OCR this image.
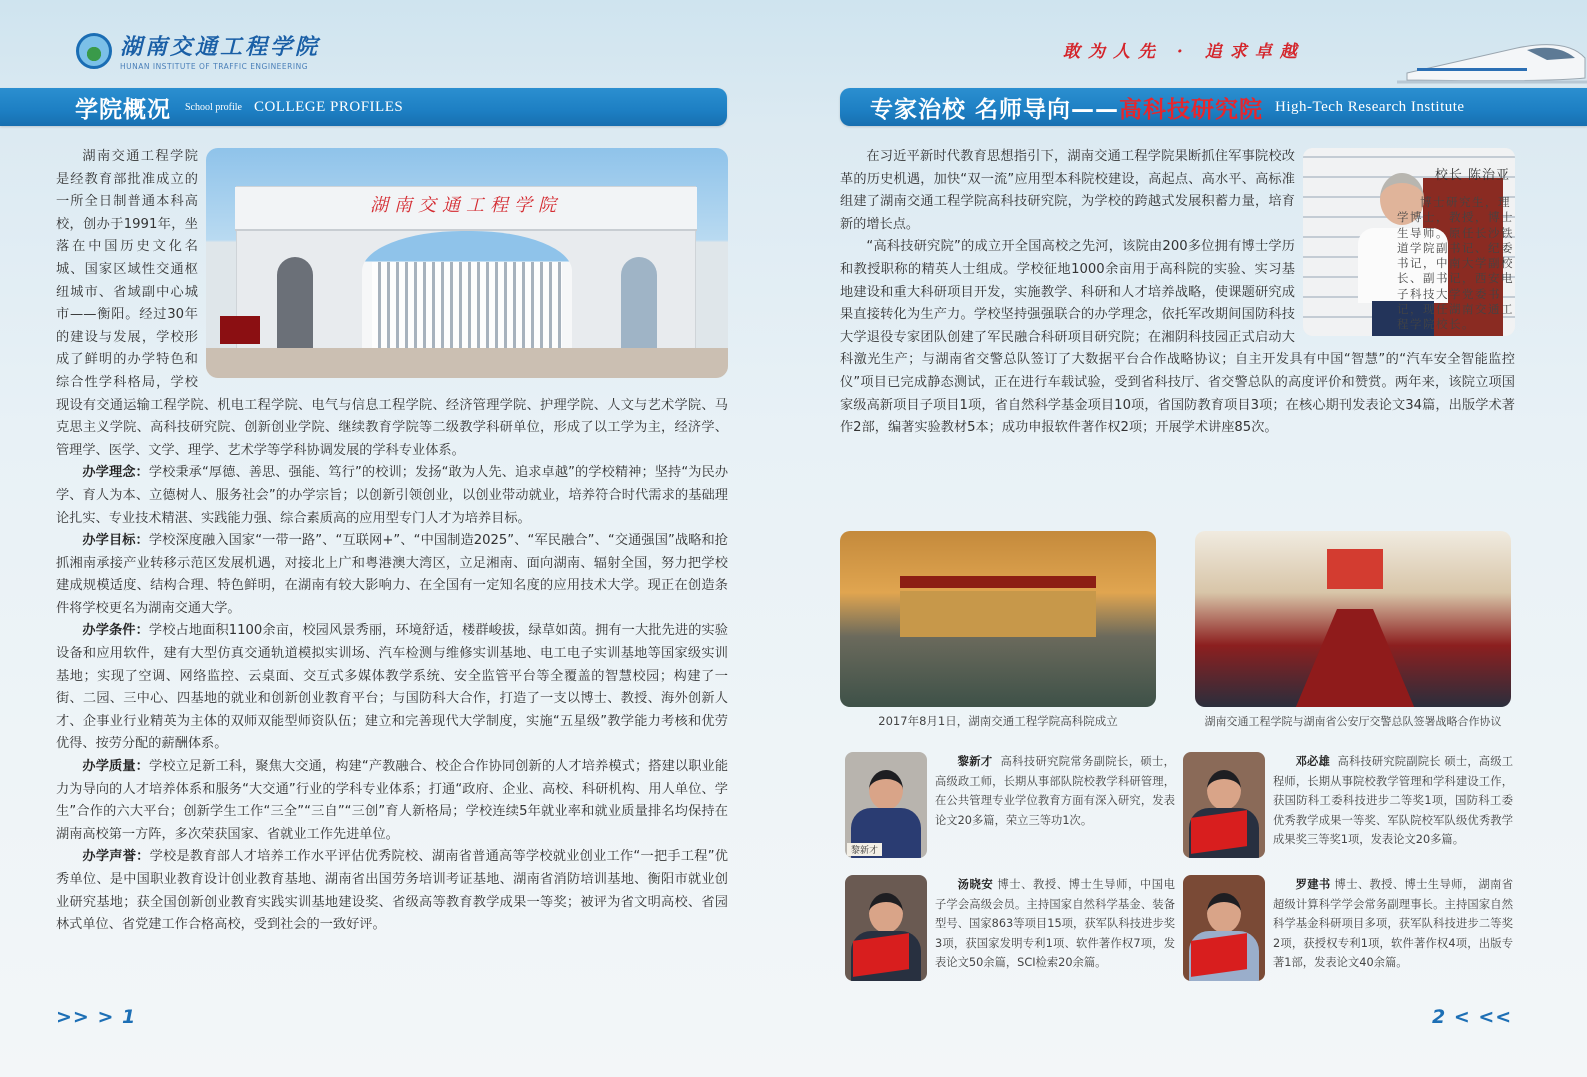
湖南交通工程学院
HUNAN INSTITUTE OF TRAFFIC ENGINEERING
学院概况 School profile COLLEGE PROFILES
湖南交通工程学院

湖南交通工程学院是经教育部批准成立的一所全日制普通本科高校，创办于1991年，坐落在中国历史文化名城、国家区域性交通枢纽城市、省域副中心城市——衡阳。经过30年的建设与发展，学校形成了鲜明的办学特色和综合性学科格局，学校现设有交通运输工程学院、机电工程学院、电气与信息工程学院、经济管理学院、护理学院、人文与艺术学院、马克思主义学院、高科技研究院、创新创业学院、继续教育学院等二级教学科研单位，形成了以工学为主，经济学、管理学、医学、文学、理学、艺术学等学科协调发展的学科专业体系。

办学理念：学校秉承“厚德、善思、强能、笃行”的校训；发扬“敢为人先、追求卓越”的学校精神；坚持“为民办学、育人为本、立德树人、服务社会”的办学宗旨；以创新引领创业，以创业带动就业，培养符合时代需求的基础理论扎实、专业技术精湛、实践能力强、综合素质高的应用型专门人才为培养目标。

办学目标：学校深度融入国家“一带一路”、“互联网+”、“中国制造2025”、“军民融合”、“交通强国”战略和抢抓湘南承接产业转移示范区发展机遇，对接北上广和粤港澳大湾区，立足湘南、面向湖南、辐射全国，努力把学校建成规模适度、结构合理、特色鲜明，在湖南有较大影响力、在全国有一定知名度的应用技术大学。现正在创造条件将学校更名为湖南交通大学。

办学条件：学校占地面积1100余亩，校园风景秀丽，环境舒适，楼群峻拔，绿草如茵。拥有一大批先进的实验设备和应用软件，建有大型仿真交通轨道模拟实训场、汽车检测与维修实训基地、电工电子实训基地等国家级实训基地；实现了空调、网络监控、云桌面、交互式多媒体教学系统、安全监管平台等全覆盖的智慧校园；构建了一街、二园、三中心、四基地的就业和创新创业教育平台；与国防科大合作，打造了一支以博士、教授、海外创新人才、企事业行业精英为主体的双师双能型师资队伍；建立和完善现代大学制度，实施“五星级”教学能力考核和优劳优得、按劳分配的薪酬体系。

办学质量：学校立足新工科，聚焦大交通，构建“产教融合、校企合作协同创新的人才培养模式；搭建以职业能力为导向的人才培养体系和服务“大交通”行业的学科专业体系；打通“政府、企业、高校、科研机构、用人单位、学生”合作的六大平台；创新学生工作“三全”“三自”“三创”育人新格局；学校连续5年就业率和就业质量排名均保持在湖南高校第一方阵，多次荣获国家、省就业工作先进单位。

办学声誉：学校是教育部人才培养工作水平评估优秀院校、湖南省普通高等学校就业创业工作“一把手工程”优秀单位、是中国职业教育设计创业教育基地、湖南省出国劳务培训考证基地、湖南省消防培训基地、衡阳市就业创业研究基地；获全国创新创业教育实践实训基地建设奖、省级高等教育教学成果一等奖；被评为省文明高校、省园林式单位、省党建工作合格高校，受到社会的一致好评。

>> > 1
敢为人先 · 追求卓越
专家治校 名师导向—— 高科技研究院 High-Tech Research Institute

在习近平新时代教育思想指引下，湖南交通工程学院果断抓住军事院校改革的历史机遇，加快“双一流”应用型本科院校建设，高起点、高水平、高标准组建了湖南交通工程学院高科技研究院，为学校的跨越式发展积蓄力量，培育新的增长点。

“高科技研究院”的成立开全国高校之先河，该院由200多位拥有博士学历和教授职称的精英人士组成。学校征地1000余亩用于高科院的实验、实习基地建设和重大科研项目开发，实施教学、科研和人才培养战略，使课题研究成果直接转化为生产力。学校坚持强强联合的办学理念，依托军改期间国防科技大学退役专家团队创建了军民融合科研项目研究院；在湘阴科技园正式启动大科激光生产；与湖南省交警总队签订了大数据平台合作战略协议；自主开发具有中国“智慧”的“汽车安全智能监控仪”项目已完成静态测试，正在进行车载试验，受到省科技厅、省交警总队的高度评价和赞赏。两年来，该院立项国家级高新项目子项目1项，省自然科学基金项目10项，省国防教育项目3项；在核心期刊发表论文34篇，出版学术著作2部，编著实验教材5本；成功申报软件著作权2项；开展学术讲座85次。

校长 陈治亚
博士研究生，理学博士，教授，博士生导师。原任长沙铁道学院副书记、纪委书记，中南大学副校长、副书记，西安电子科技大学党委书记，现任湖南交通工程学院校长。
2017年8月1日，湖南交通工程学院高科院成立	湖南交通工程学院与湖南省公安厅交警总队签署战略合作协议
黎新才
黎新才 高科技研究院常务副院长，硕士，高级政工师，长期从事部队院校教学科研管理，在公共管理专业学位教育方面有深入研究，发表论文20多篇，荣立三等功1次。
邓必雄 高科技研究院副院长 硕士，高级工程师，长期从事院校教学管理和学科建设工作，获国防科工委科技进步二等奖1项，国防科工委优秀教学成果一等奖、军队院校军队级优秀教学成果奖三等奖1项，发表论文20多篇。
汤晓安 博士、教授、博士生导师，中国电子学会高级会员。主持国家自然科学基金、装备型号、国家863等项目15项，获军队科技进步奖3项，获国家发明专利1项、软件著作权7项，发表论文50余篇，SCI检索20余篇。
罗建书 博士、教授、博士生导师， 湖南省超级计算科学学会常务副理事长。主持国家自然科学基金科研项目多项，获军队科技进步二等奖2项，获授权专利1项，软件著作权4项，出版专著1部，发表论文40余篇。
2 < <<
